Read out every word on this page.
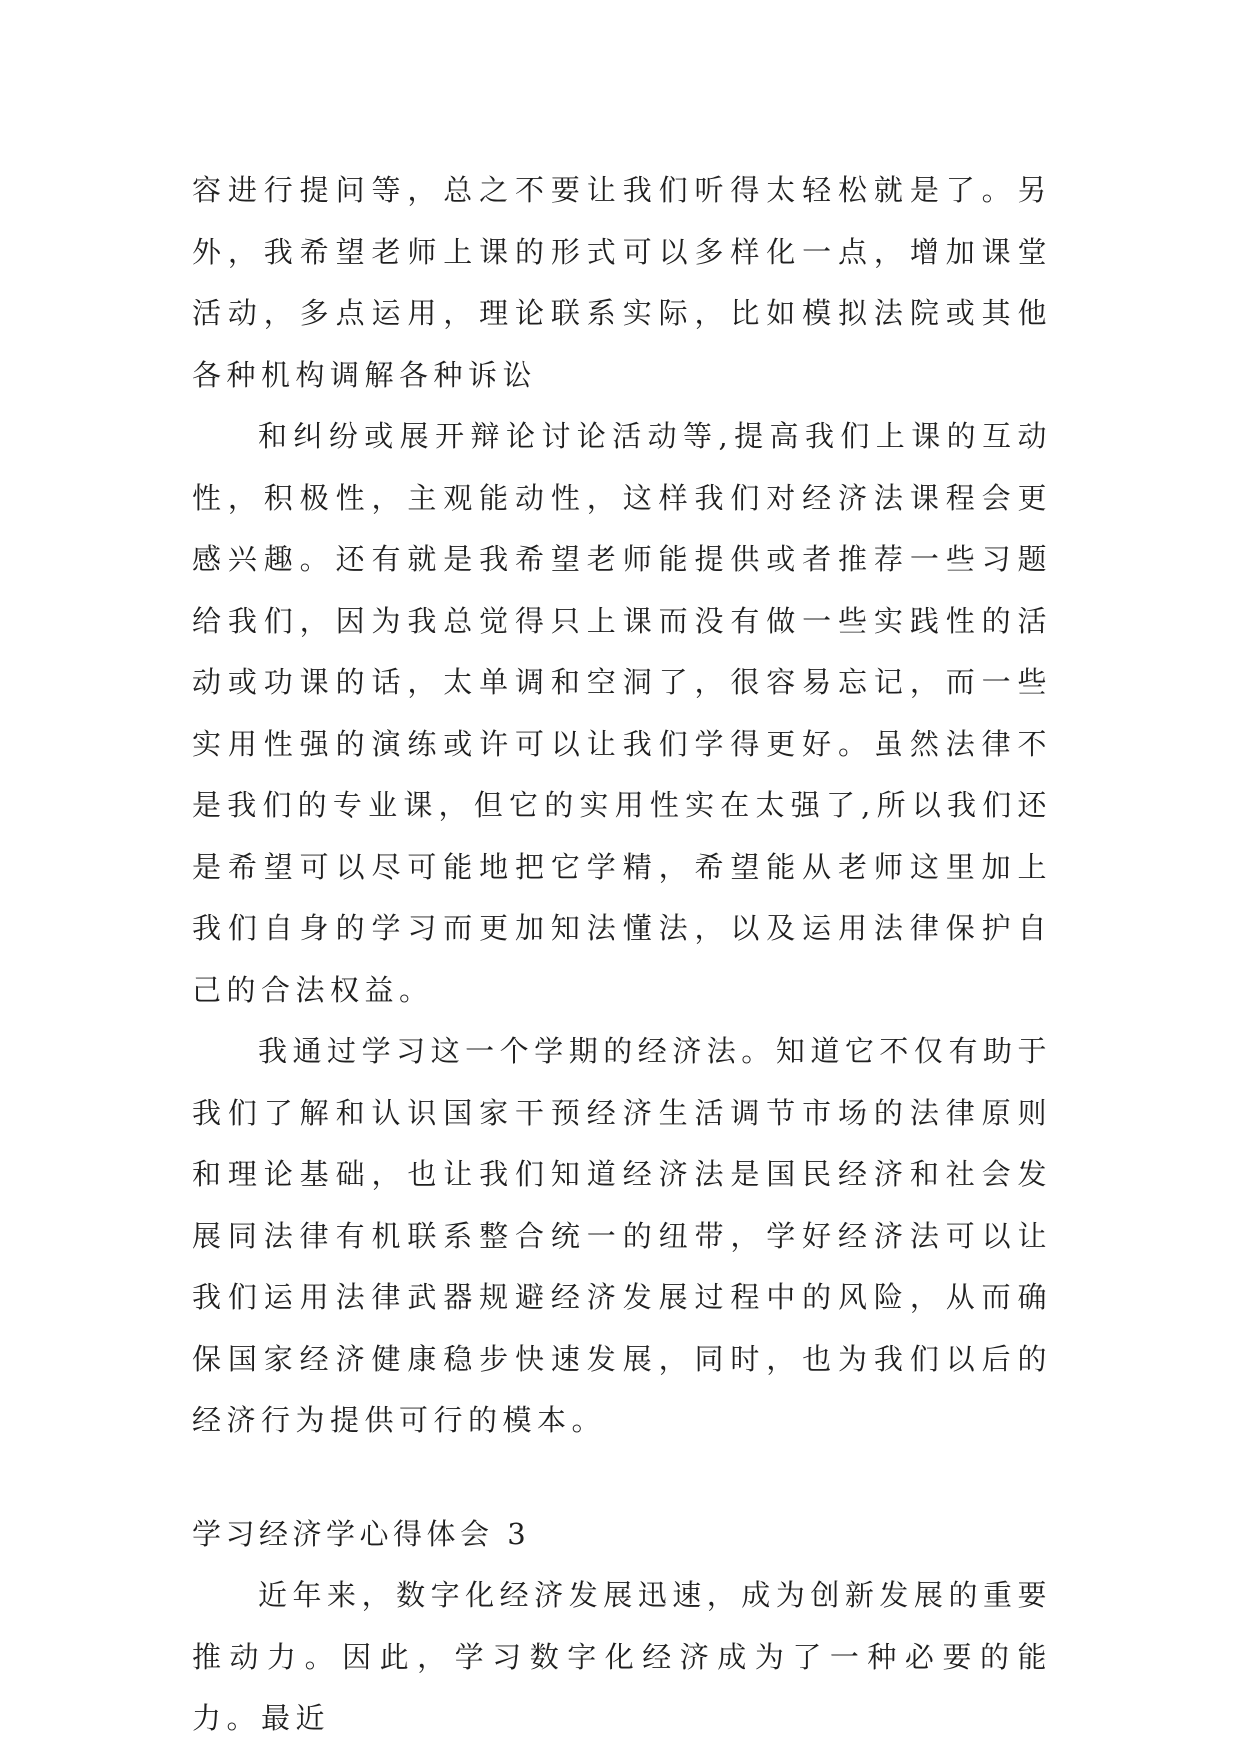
容进行提问等，总之不要让我们听得太轻松就是了。另外，我希望老师上课的形式可以多样化一点，增加课堂活动，多点运用，理论联系实际，比如模拟法院或其他各种机构调解各种诉讼

和纠纷或展开辩论讨论活动等,提高我们上课的互动性，积极性，主观能动性，这样我们对经济法课程会更感兴趣。还有就是我希望老师能提供或者推荐一些习题给我们，因为我总觉得只上课而没有做一些实践性的活动或功课的话，太单调和空洞了，很容易忘记，而一些实用性强的演练或许可以让我们学得更好。虽然法律不是我们的专业课，但它的实用性实在太强了,所以我们还是希望可以尽可能地把它学精，希望能从老师这里加上我们自身的学习而更加知法懂法，以及运用法律保护自己的合法权益。

我通过学习这一个学期的经济法。知道它不仅有助于我们了解和认识国家干预经济生活调节市场的法律原则和理论基础，也让我们知道经济法是国民经济和社会发展同法律有机联系整合统一的纽带，学好经济法可以让我们运用法律武器规避经济发展过程中的风险，从而确保国家经济健康稳步快速发展，同时，也为我们以后的经济行为提供可行的模本。

学习经济学心得体会 3

近年来，数字化经济发展迅速，成为创新发展的重要推动力。因此，学习数字化经济成为了一种必要的能力。最近
